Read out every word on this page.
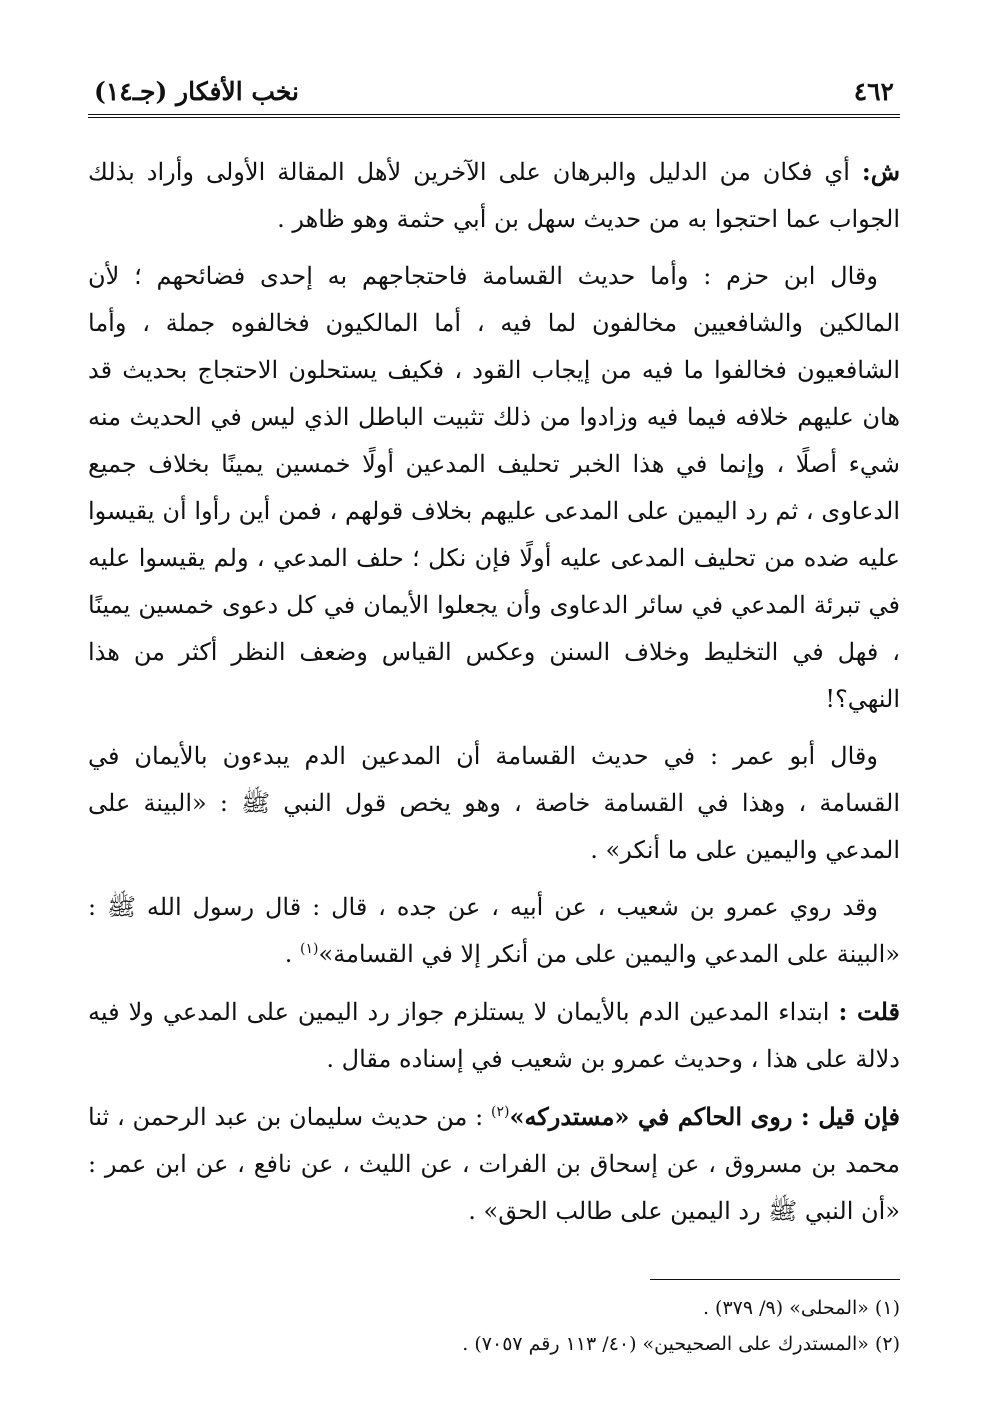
٤٦٢
نخب الأفكار (جـ١٤)

ش: أي فكان من الدليل والبرهان على الآخرين لأهل المقالة الأولى وأراد بذلك الجواب عما احتجوا به من حديث سهل بن أبي حثمة وهو ظاهر .

وقال ابن حزم : وأما حديث القسامة فاحتجاجهم به إحدى فضائحهم ؛ لأن المالكين والشافعيين مخالفون لما فيه ، أما المالكيون فخالفوه جملة ، وأما الشافعيون فخالفوا ما فيه من إيجاب القود ، فكيف يستحلون الاحتجاج بحديث قد هان عليهم خلافه فيما فيه وزادوا من ذلك تثبيت الباطل الذي ليس في الحديث منه شيء أصلًا ، وإنما في هذا الخبر تحليف المدعين أولًا خمسين يمينًا بخلاف جميع الدعاوى ، ثم رد اليمين على المدعى عليهم بخلاف قولهم ، فمن أين رأوا أن يقيسوا عليه ضده من تحليف المدعى عليه أولًا فإن نكل ؛ حلف المدعي ، ولم يقيسوا عليه في تبرئة المدعي في سائر الدعاوى وأن يجعلوا الأيمان في كل دعوى خمسين يمينًا ، فهل في التخليط وخلاف السنن وعكس القياس وضعف النظر أكثر من هذا النهي؟!

وقال أبو عمر : في حديث القسامة أن المدعين الدم يبدءون بالأيمان في القسامة ، وهذا في القسامة خاصة ، وهو يخص قول النبي ﷺ : «البينة على المدعي واليمين على ما أنكر» .

وقد روي عمرو بن شعيب ، عن أبيه ، عن جده ، قال : قال رسول الله ﷺ : «البينة على المدعي واليمين على من أنكر إلا في القسامة»$^{(١)}$ .

قلت : ابتداء المدعين الدم بالأيمان لا يستلزم جواز رد اليمين على المدعي ولا فيه دلالة على هذا ، وحديث عمرو بن شعيب في إسناده مقال .

فإن قيل : روى الحاكم في «مستدركه»$^{(٢)}$ : من حديث سليمان بن عبد الرحمن ، ثنا محمد بن مسروق ، عن إسحاق بن الفرات ، عن الليث ، عن نافع ، عن ابن عمر : «أن النبي ﷺ رد اليمين على طالب الحق» .

(١) «المحلى» (٩/ ٣٧٩) .

(٢) «المستدرك على الصحيحين» (٤٠/ ١١٣ رقم ٧٠٥٧) .
